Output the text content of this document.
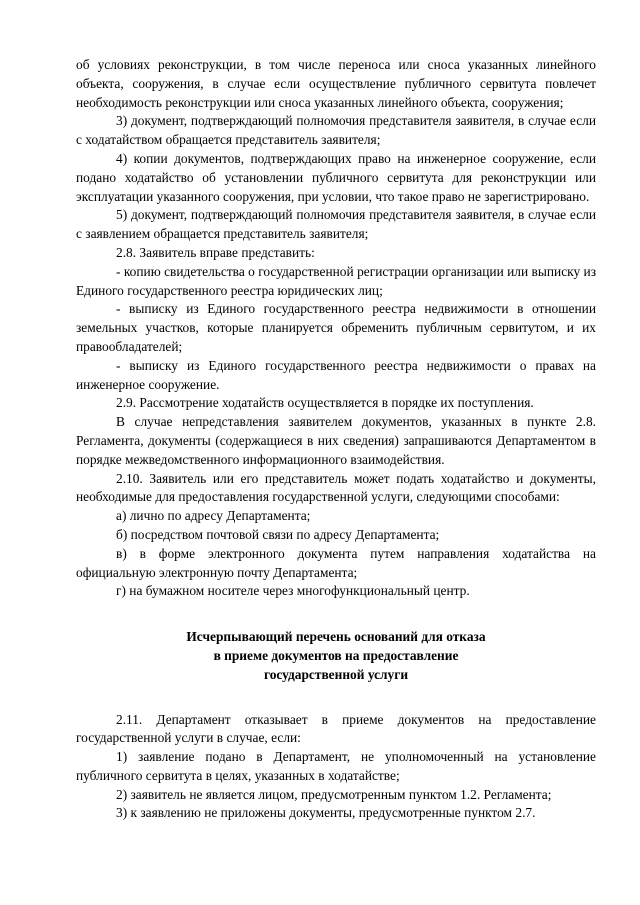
об условиях реконструкции, в том числе переноса или сноса указанных линейного объекта, сооружения, в случае если осуществление публичного сервитута повлечет необходимость реконструкции или сноса указанных линейного объекта, сооружения;

3) документ, подтверждающий полномочия представителя заявителя, в случае если с ходатайством обращается представитель заявителя;

4) копии документов, подтверждающих право на инженерное сооружение, если подано ходатайство об установлении публичного сервитута для реконструкции или эксплуатации указанного сооружения, при условии, что такое право не зарегистрировано.

5) документ, подтверждающий полномочия представителя заявителя, в случае если с заявлением обращается представитель заявителя;

2.8. Заявитель вправе представить:

- копию свидетельства о государственной регистрации организации или выписку из Единого государственного реестра юридических лиц;

- выписку из Единого государственного реестра недвижимости в отношении земельных участков, которые планируется обременить публичным сервитутом, и их правообладателей;

- выписку из Единого государственного реестра недвижимости о правах на инженерное сооружение.

2.9. Рассмотрение ходатайств осуществляется в порядке их поступления.

В случае непредставления заявителем документов, указанных в пункте 2.8. Регламента, документы (содержащиеся в них сведения) запрашиваются Департаментом в порядке межведомственного информационного взаимодействия.

2.10. Заявитель или его представитель может подать ходатайство и документы, необходимые для предоставления государственной услуги, следующими способами:

а) лично по адресу Департамента;

б) посредством почтовой связи по адресу Департамента;

в) в форме электронного документа путем направления ходатайства на официальную электронную почту Департамента;

г) на бумажном носителе через многофункциональный центр.

Исчерпывающий перечень оснований для отказа
в приеме документов на предоставление
государственной услуги

2.11. Департамент отказывает в приеме документов на предоставление государственной услуги в случае, если:

1) заявление подано в Департамент, не уполномоченный на установление публичного сервитута в целях, указанных в ходатайстве;

2) заявитель не является лицом, предусмотренным пунктом 1.2. Регламента;

3) к заявлению не приложены документы, предусмотренные пунктом 2.7.
